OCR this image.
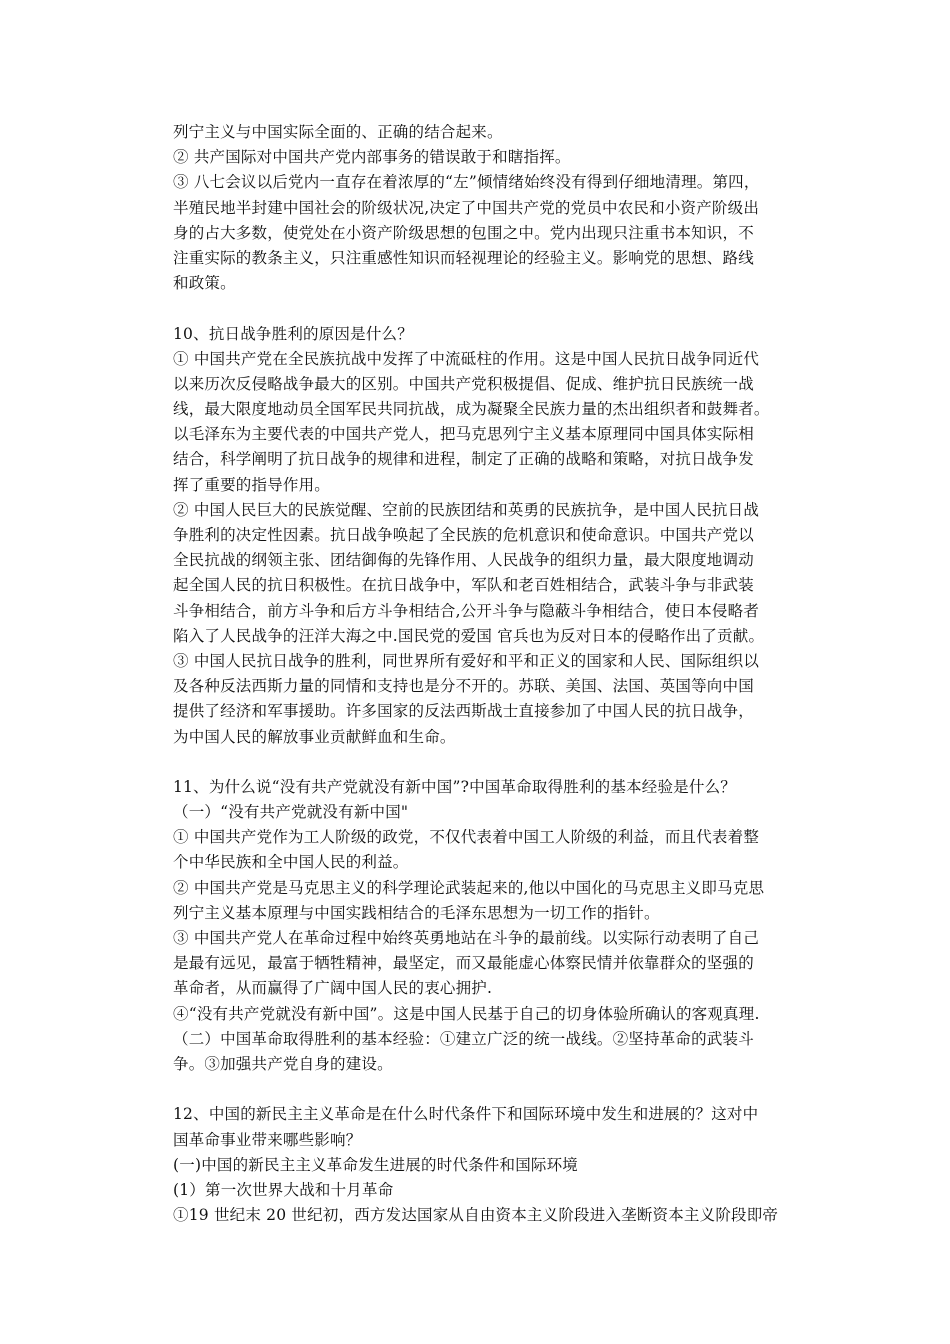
列宁主义与中国实际全面的、正确的结合起来。
② 共产国际对中国共产党内部事务的错误敢于和瞎指挥。
③ 八七会议以后党内一直存在着浓厚的“左”倾情绪始终没有得到仔细地清理。第四，
半殖民地半封建中国社会的阶级状况,决定了中国共产党的党员中农民和小资产阶级出
身的占大多数，使党处在小资产阶级思想的包围之中。党内出现只注重书本知识，不
注重实际的教条主义，只注重感性知识而轻视理论的经验主义。影响党的思想、路线
和政策。
10、抗日战争胜利的原因是什么？
① 中国共产党在全民族抗战中发挥了中流砥柱的作用。这是中国人民抗日战争同近代
以来历次反侵略战争最大的区别。中国共产党积极提倡、促成、维护抗日民族统一战
线，最大限度地动员全国军民共同抗战，成为凝聚全民族力量的杰出组织者和鼓舞者。
以毛泽东为主要代表的中国共产党人，把马克思列宁主义基本原理同中国具体实际相
结合，科学阐明了抗日战争的规律和进程，制定了正确的战略和策略，对抗日战争发
挥了重要的指导作用。
② 中国人民巨大的民族觉醒、空前的民族团结和英勇的民族抗争，是中国人民抗日战
争胜利的决定性因素。抗日战争唤起了全民族的危机意识和使命意识。中国共产党以
全民抗战的纲领主张、团结御侮的先锋作用、人民战争的组织力量，最大限度地调动
起全国人民的抗日积极性。在抗日战争中，军队和老百姓相结合，武装斗争与非武装
斗争相结合，前方斗争和后方斗争相结合,公开斗争与隐蔽斗争相结合，使日本侵略者
陷入了人民战争的汪洋大海之中.国民党的爱国 官兵也为反对日本的侵略作出了贡献。
③ 中国人民抗日战争的胜利，同世界所有爱好和平和正义的国家和人民、国际组织以
及各种反法西斯力量的同情和支持也是分不开的。苏联、美国、法国、英国等向中国
提供了经济和军事援助。许多国家的反法西斯战士直接参加了中国人民的抗日战争，
为中国人民的解放事业贡献鲜血和生命。
11、为什么说“没有共产党就没有新中国”?中国革命取得胜利的基本经验是什么？
（一）“没有共产党就没有新中国"
① 中国共产党作为工人阶级的政党，不仅代表着中国工人阶级的利益，而且代表着整
个中华民族和全中国人民的利益。
② 中国共产党是马克思主义的科学理论武装起来的,他以中国化的马克思主义即马克思
列宁主义基本原理与中国实践相结合的毛泽东思想为一切工作的指针。
③ 中国共产党人在革命过程中始终英勇地站在斗争的最前线。以实际行动表明了自己
是最有远见，最富于牺牲精神，最坚定，而又最能虚心体察民情并依靠群众的坚强的
革命者，从而赢得了广阔中国人民的衷心拥护.
④“没有共产党就没有新中国”。这是中国人民基于自己的切身体验所确认的客观真理.
（二）中国革命取得胜利的基本经验：①建立广泛的统一战线。②坚持革命的武装斗
争。③加强共产党自身的建设。
12、中国的新民主主义革命是在什么时代条件下和国际环境中发生和进展的？这对中
国革命事业带来哪些影响？
(一)中国的新民主主义革命发生进展的时代条件和国际环境
(1）第一次世界大战和十月革命
①19 世纪末 20 世纪初，西方发达国家从自由资本主义阶段进入垄断资本主义阶段即帝
